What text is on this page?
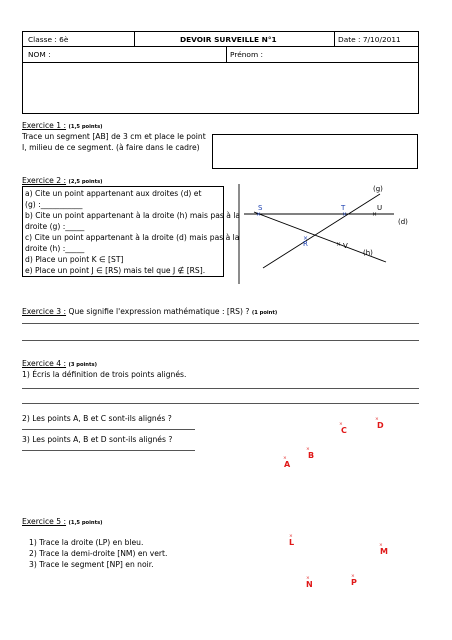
Classe : 6è	DEVOIR SURVEILLE N°1	Date : 7/10/2011
NOM :	Prénom :
Exercice 1 : (1,5 points)
Trace un segment [AB] de 3 cm et place le point
I, milieu de ce segment. (à faire dans le cadre)
Exercice 2 : (2,5 points)
a) Cite un point appartenant aux droites (d) et
(g) :___________
b) Cite un point appartenant à la droite (h) mais pas à la
droite (g) :_____
c) Cite un point appartenant à la droite (d) mais pas à la
droite (h) :_____
d) Place un point K ∈ [ST]
e) Place un point J ∈ [RS) mais tel que J ∉ [RS].
×	×	×
×
×
S	T	U
R	V
(g)
(d)
(h)
Exercice 3 : Que signifie l'expression mathématique : [RS) ? (1 point)
Exercice 4 : (3 points)
1) Écris la définition de trois points alignés.
2) Les points A, B et C sont-ils alignés ?
3) Les points A, B et D sont-ils alignés ?
×
C
×
D
×
B
×
A
Exercice 5 : (1,5 points)
1) Trace la droite (LP) en bleu.
2) Trace la demi-droite [NM) en vert.
3) Trace le segment [NP] en noir.
×
L	×
M
×
N
×
P
